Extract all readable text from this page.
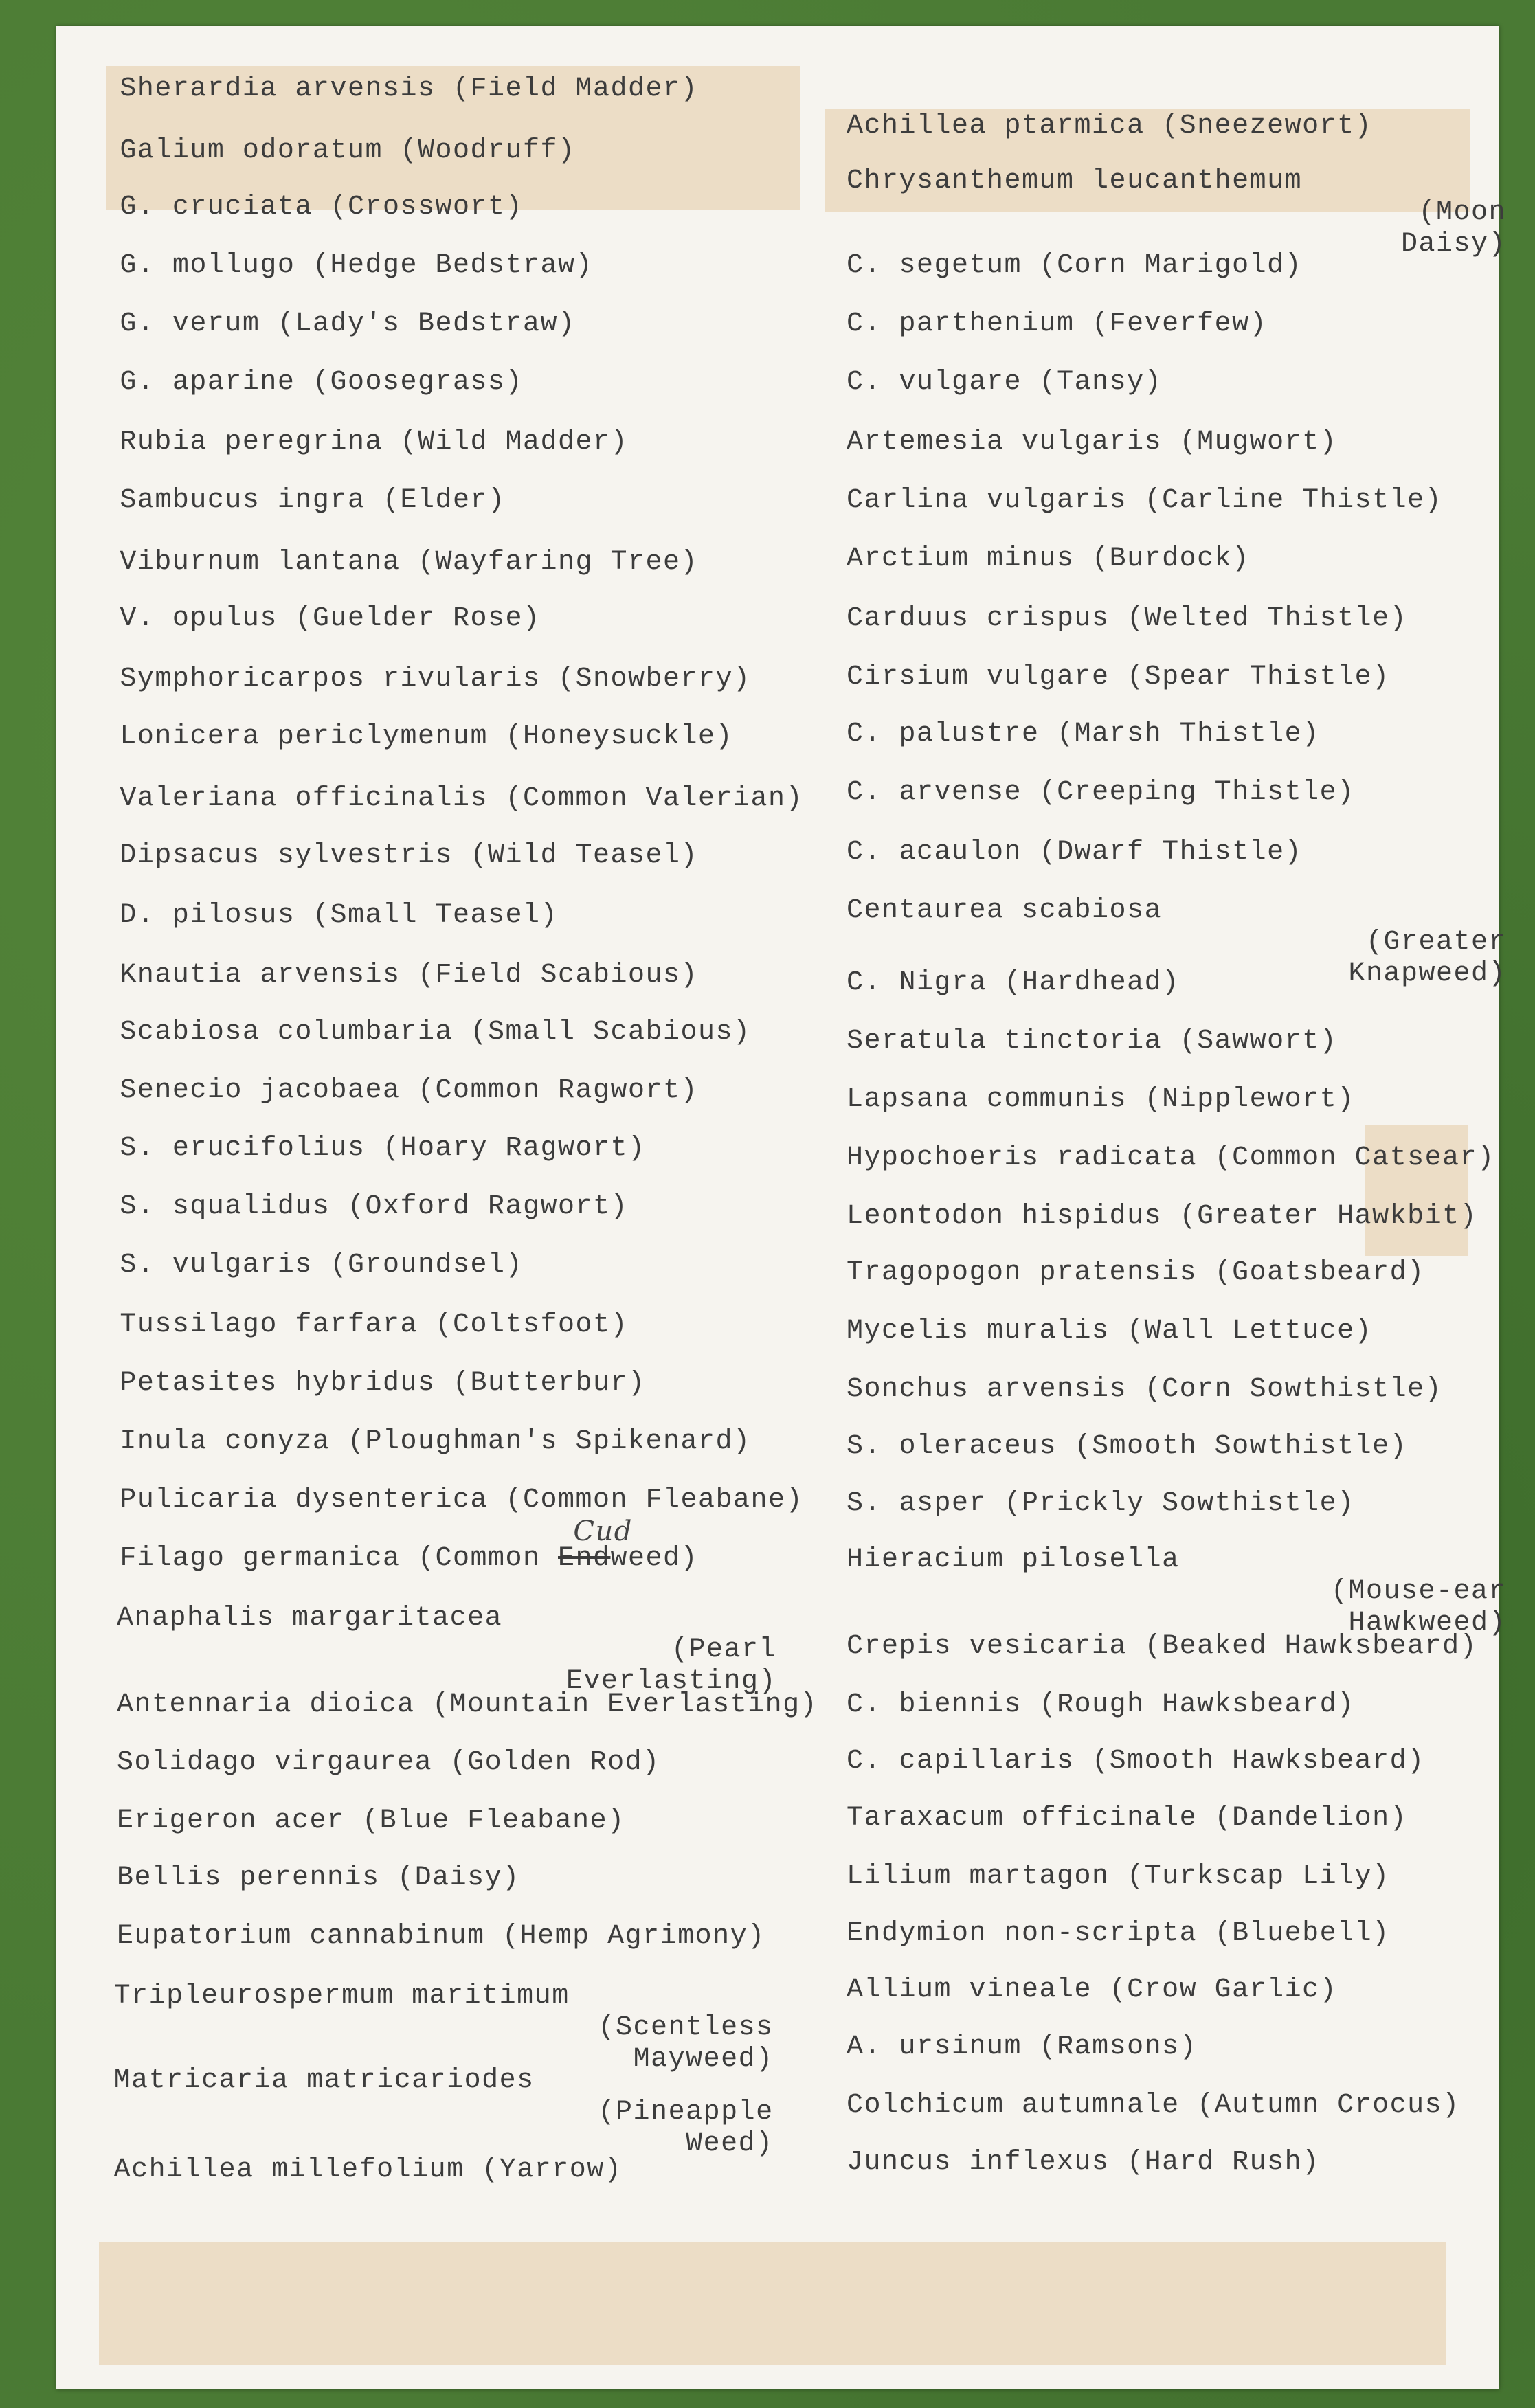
Sherardia arvensis (Field Madder)
Galium odoratum (Woodruff)
G. cruciata (Crosswort)
G. mollugo (Hedge Bedstraw)
G. verum (Lady's Bedstraw)
G. aparine (Goosegrass)
Rubia peregrina (Wild Madder)
Sambucus ingra (Elder)
Viburnum lantana (Wayfaring Tree)
V. opulus (Guelder Rose)
Symphoricarpos rivularis (Snowberry)
Lonicera periclymenum (Honeysuckle)
Valeriana officinalis (Common Valerian)
Dipsacus sylvestris (Wild Teasel)
D. pilosus (Small Teasel)
Knautia arvensis (Field Scabious)
Scabiosa columbaria (Small Scabious)
Senecio jacobaea (Common Ragwort)
S. erucifolius (Hoary Ragwort)
S. squalidus (Oxford Ragwort)
S. vulgaris (Groundsel)
Tussilago farfara (Coltsfoot)
Petasites hybridus (Butterbur)
Inula conyza (Ploughman's Spikenard)
Pulicaria dysenterica (Common Fleabane)
Filago germanica (Common Endweed)
Cud
Anaphalis margaritacea
(Pearl
Everlasting)
Antennaria dioica (Mountain Everlasting)
Solidago virgaurea (Golden Rod)
Erigeron acer (Blue Fleabane)
Bellis perennis (Daisy)
Eupatorium cannabinum (Hemp Agrimony)
Tripleurospermum maritimum
(Scentless
Mayweed)
Matricaria matricariodes
(Pineapple
Weed)
Achillea millefolium (Yarrow)
Achillea ptarmica (Sneezewort)
Chrysanthemum leucanthemum
(Moon
Daisy)
C. segetum (Corn Marigold)
C. parthenium (Feverfew)
C. vulgare (Tansy)
Artemesia vulgaris (Mugwort)
Carlina vulgaris (Carline Thistle)
Arctium minus (Burdock)
Carduus crispus (Welted Thistle)
Cirsium vulgare (Spear Thistle)
C. palustre (Marsh Thistle)
C. arvense (Creeping Thistle)
C. acaulon (Dwarf Thistle)
Centaurea scabiosa
(Greater
Knapweed)
C. Nigra (Hardhead)
Seratula tinctoria (Sawwort)
Lapsana communis (Nipplewort)
Hypochoeris radicata (Common Catsear)
Leontodon hispidus (Greater Hawkbit)
Tragopogon pratensis (Goatsbeard)
Mycelis muralis (Wall Lettuce)
Sonchus arvensis (Corn Sowthistle)
S. oleraceus (Smooth Sowthistle)
S. asper (Prickly Sowthistle)
Hieracium pilosella
(Mouse-ear
Hawkweed)
Crepis vesicaria (Beaked Hawksbeard)
C. biennis (Rough Hawksbeard)
C. capillaris (Smooth Hawksbeard)
Taraxacum officinale (Dandelion)
Lilium martagon (Turkscap Lily)
Endymion non-scripta (Bluebell)
Allium vineale (Crow Garlic)
A. ursinum (Ramsons)
Colchicum autumnale (Autumn Crocus)
Juncus inflexus (Hard Rush)
